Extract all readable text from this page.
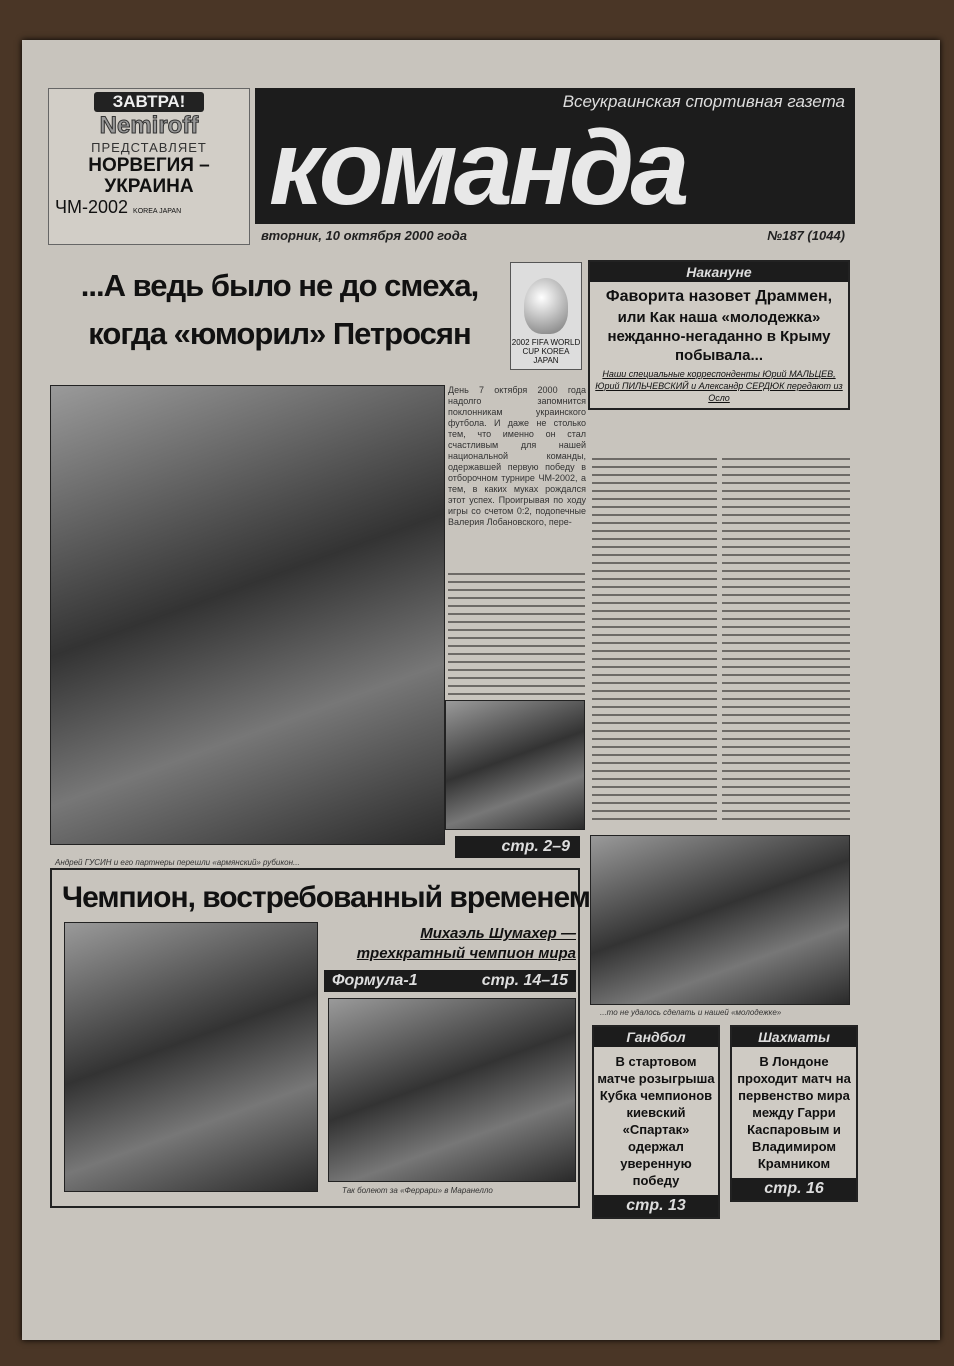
ЗАВТРА!
Nemiroff
ПРЕДСТАВЛЯЕТ
НОРВЕГИЯ –
УКРАИНА
ЧМ-2002 KOREA JAPAN
Всеукраинская спортивная газета
команда
вторник, 10 октября 2000 года	№187 (1044)
...А ведь было не до смеха, когда «юморил» Петросян	2002 FIFA WORLD CUP KOREA JAPAN
Накануне
Фаворита назовет Драммен,
или Как наша «молодежка» нежданно-негаданно в Крыму побывала...
Наши специальные корреспонденты Юрий МАЛЬЦЕВ, Юрий ПИЛЬЧЕВСКИЙ и Александр СЕРДЮК передают из Осло
День 7 октября 2000 года надолго запомнится поклонникам украинского футбола. И даже не столько тем, что именно он стал счастливым для нашей национальной команды, одержавшей первую победу в отборочном турнире ЧМ-2002, а тем, в каких муках рождался этот успех. Проигрывая по ходу игры со счетом 0:2, подопечные Валерия Лобановского, пере-
стр. 2–9
Андрей ГУСИН и его партнеры перешли «армянский» рубикон...
...то не удалось сделать и нашей «молодежке»
Чемпион, востребованный временем
Михаэль Шумахер —
трехкратный чемпион мира
Формула-1	стр. 14–15
Так болеют за «Феррари» в Маранелло
Гандбол
В стартовом матче розыгрыша Кубка чемпионов киевский «Спартак» одержал уверенную победу
стр. 13
Шахматы
В Лондоне проходит матч на первенство мира между Гарри Каспаровым и Владимиром Крамником
стр. 16
